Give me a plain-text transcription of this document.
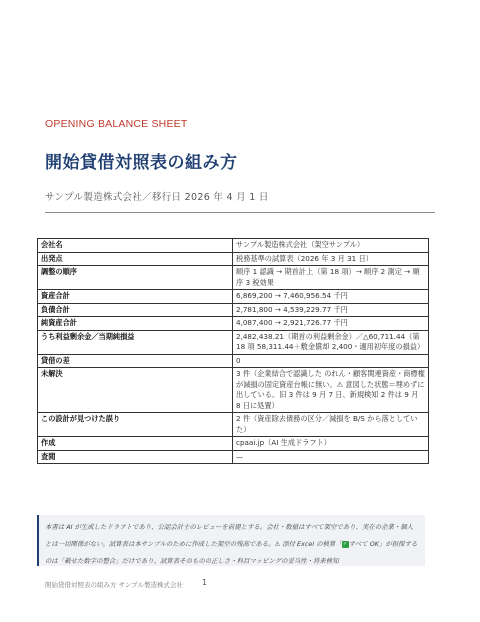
OPENING BALANCE SHEET
開始貸借対照表の組み方
サンプル製造株式会社／移行日 2026 年 4 月 1 日
会社名	サンプル製造株式会社（架空サンプル）
出発点	税務基準の試算表（2026 年 3 月 31 日）
調整の順序	順序 1 認識 → 期首計上（第 18 項）→ 順序 2 測定 → 順序 3 税効果
資産合計	6,869,200 → 7,460,956.54 千円
負債合計	2,781,800 → 4,539,229.77 千円
純資産合計	4,087,400 → 2,921,726.77 千円
うち利益剰余金／当期純損益	2,482,438.21（期首の利益剰余金）／△60,711.44（第 18 項 58,311.44＋敷金償却 2,400・適用初年度の損益）
貸借の差	0
未解決	3 件（企業結合で認識した のれん・顧客関連資産・商標権が減損の固定資産台帳に無い。⚠ 意図した状態＝埋めずに出している。旧 3 件は 9 月 7 日、新規検知 2 件は 9 月 8 日に処置）
この設計が見つけた誤り	2 件（資産除去債務の区分／減損を B/S から落としていた）
作成	cpaai.jp（AI 生成ドラフト）
査閲	—
本書は AI が生成したドラフトであり、公認会計士のレビューを前提とする。会社・数値はすべて架空であり、実在の企業・個人とは一切関係がない。試算表は本サンプルのために作成した架空の残高である。⚠ 添付 Excel の検算「✓すべて OK」が担保するのは「載せた数字の整合」だけであり、試算表そのものの正しさ・科目マッピングの妥当性・将来検知
開始貸借対照表の組み方 サンプル製造株式会社 1
